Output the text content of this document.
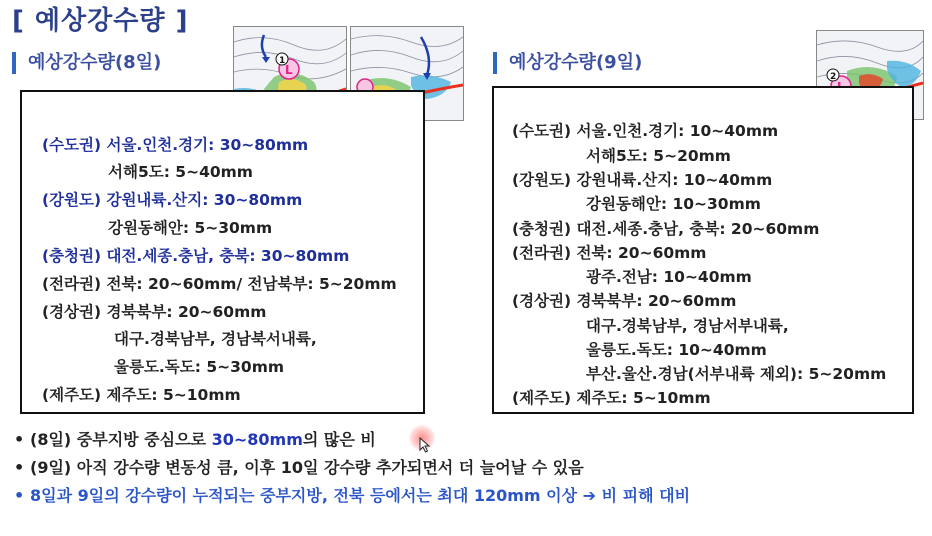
[ 예상강수량 ]
예상강수량(8일)	L
1
(수도권) 서울.인천.경기: 30~80mm
서해5도: 5~40mm
(강원도) 강원내륙.산지: 30~80mm
강원동해안: 5~30mm
(충청권) 대전.세종.충남, 충북: 30~80mm
(전라권) 전북: 20~60mm/ 전남북부: 5~20mm
(경상권) 경북북부: 20~60mm
대구.경북남부, 경남북서내륙,
울릉도.독도: 5~30mm
(제주도) 제주도: 5~10mm
예상강수량(9일)
2
(수도권) 서울.인천.경기: 10~40mm
서해5도: 5~20mm
(강원도) 강원내륙.산지: 10~40mm
강원동해안: 10~30mm
(충청권) 대전.세종.충남, 충북: 20~60mm
(전라권) 전북: 20~60mm
광주.전남: 10~40mm
(경상권) 경북북부: 20~60mm
대구.경북남부, 경남서부내륙,
울릉도.독도: 10~40mm
부산.울산.경남(서부내륙 제외): 5~20mm
(제주도) 제주도: 5~10mm
• (8일) 중부지방 중심으로 30~80mm의 많은 비
• (9일) 아직 강수량 변동성 큼, 이후 10일 강수량 추가되면서 더 늘어날 수 있음
• 8일과 9일의 강수량이 누적되는 중부지방, 전북 등에서는 최대 120mm 이상 ➔ 비 피해 대비
